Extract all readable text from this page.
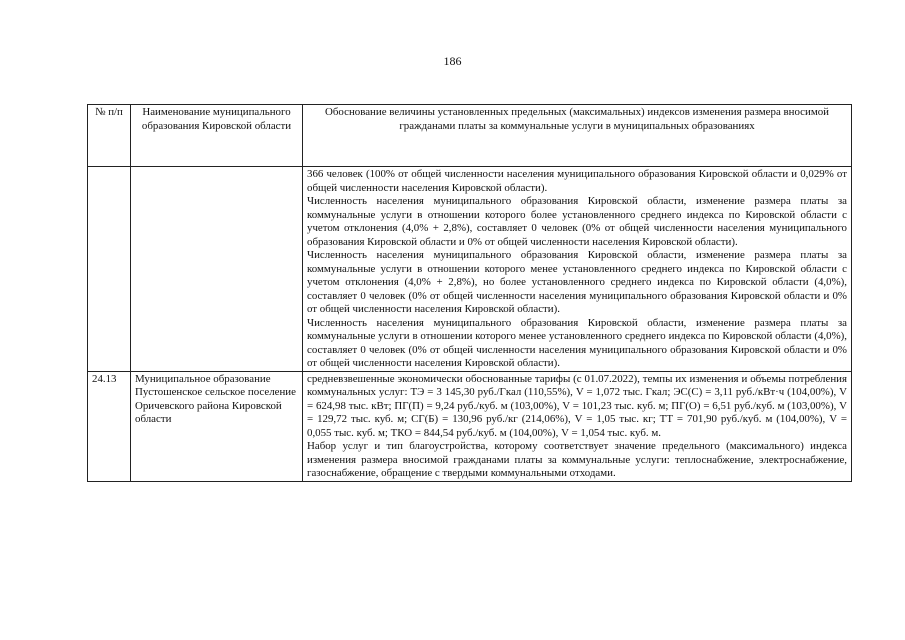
186
№ п/п	Наименование муниципального образования Кировской области	Обоснование величины установленных предельных (максимальных) индексов изменения размера вносимой гражданами платы за коммунальные услуги в муниципальных образованиях

		366 человек (100% от общей численности населения муниципального образования Кировской области и 0,029% от общей численности населения Кировской области).

Численность населения муниципального образования Кировской области, изменение размера платы за коммунальные услуги в отношении которого более установленного среднего индекса по Кировской области с учетом отклонения (4,0% + 2,8%), составляет 0 человек (0% от общей численности населения муниципального образования Кировской области и 0% от общей численности населения Кировской области).

Численность населения муниципального образования Кировской области, изменение размера платы за коммунальные услуги в отношении которого менее установленного среднего индекса по Кировской области с учетом отклонения (4,0% + 2,8%), но более установленного среднего индекса по Кировской области (4,0%), составляет 0 человек (0% от общей численности населения муниципального образования Кировской области и 0% от общей численности населения Кировской области).

Численность населения муниципального образования Кировской области, изменение размера платы за коммунальные услуги в отношении которого менее установленного среднего индекса по Кировской области (4,0%), составляет 0 человек (0% от общей численности населения муниципального образования Кировской области и 0% от общей численности населения Кировской области).

24.13	Муниципальное образование Пустошенское сельское поселение Оричевского района Кировской области	средневзвешенные экономически обоснованные тарифы (с 01.07.2022), темпы их изменения и объемы потребления коммунальных услуг: ТЭ = 3 145,30 руб./Гкал (110,55%), V = 1,072 тыс. Гкал; ЭС(С) = 3,11 руб./кВт·ч (104,00%), V = 624,98 тыс. кВт; ПГ(П) = 9,24 руб./куб. м (103,00%), V = 101,23 тыс. куб. м; ПГ(О) = 6,51 руб./куб. м (103,00%), V = 129,72 тыс. куб. м; СГ(Б) = 130,96 руб./кг (214,06%), V = 1,05 тыс. кг; ТТ = 701,90 руб./куб. м (104,00%), V = 0,055 тыс. куб. м; ТКО = 844,54 руб./куб. м (104,00%), V = 1,054 тыс. куб. м.

Набор услуг и тип благоустройства, которому соответствует значение предельного (максимального) индекса изменения размера вносимой гражданами платы за коммунальные услуги: теплоснабжение, электроснабжение, газоснабжение, обращение с твердыми коммунальными отходами.
